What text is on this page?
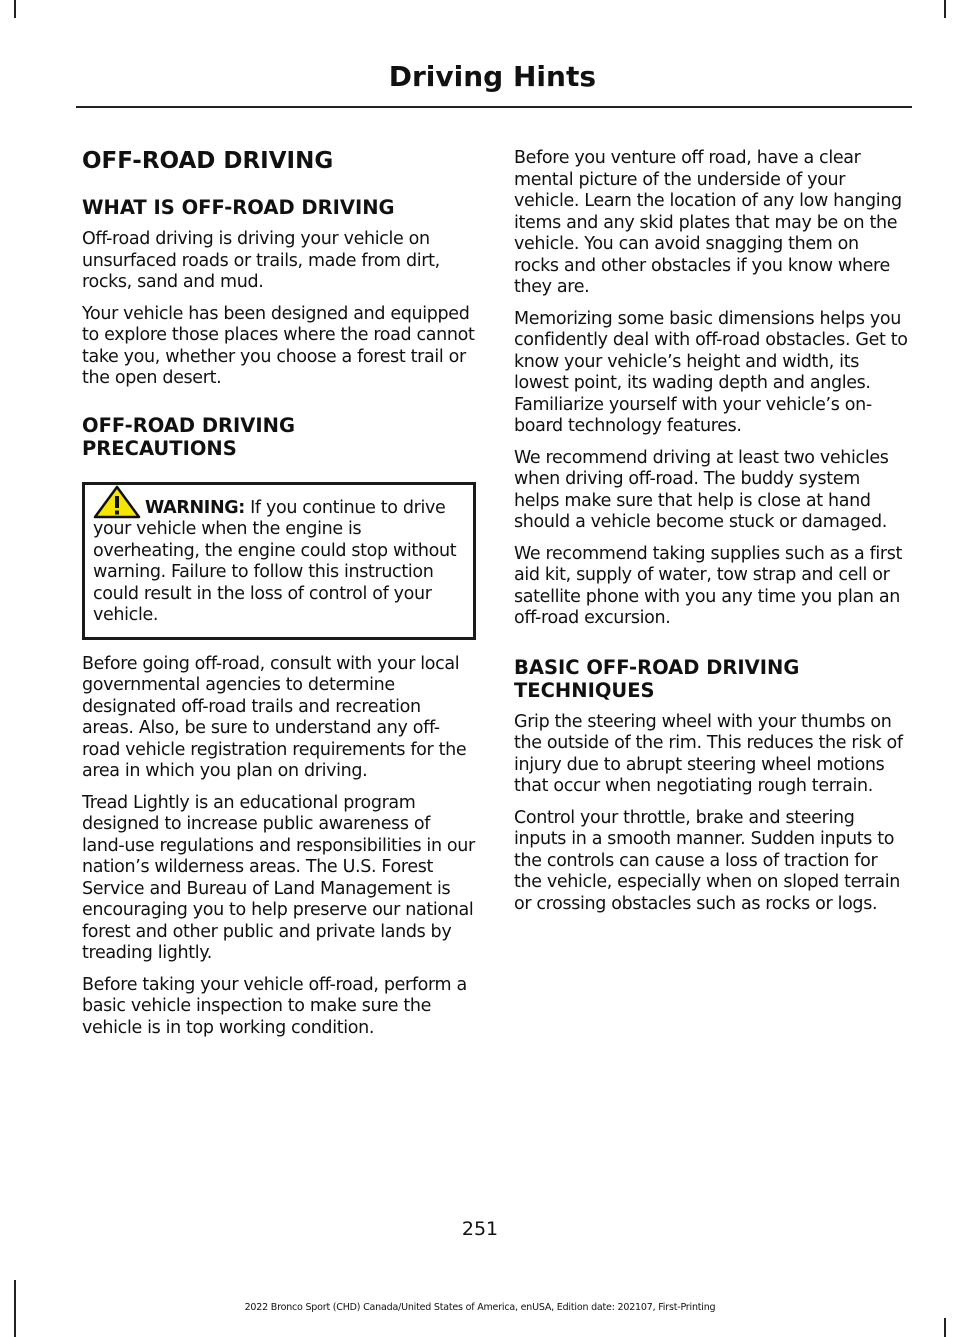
Driving Hints
OFF-ROAD DRIVING
WHAT IS OFF-ROAD DRIVING

Off-road driving is driving your vehicle on unsurfaced roads or trails, made from dirt, rocks, sand and mud.

Your vehicle has been designed and equipped to explore those places where the road cannot take you, whether you choose a forest trail or the open desert.

OFF-ROAD DRIVING PRECAUTIONS
WARNING: If you continue to drive your vehicle when the engine is overheating, the engine could stop without warning. Failure to follow this instruction could result in the loss of control of your vehicle.

Before going off-road, consult with your local governmental agencies to determine designated off-road trails and recreation areas. Also, be sure to understand any off-road vehicle registration requirements for the area in which you plan on driving.

Tread Lightly is an educational program designed to increase public awareness of land-use regulations and responsibilities in our nation’s wilderness areas. The U.S. Forest Service and Bureau of Land Management is encouraging you to help preserve our national forest and other public and private lands by treading lightly.

Before taking your vehicle off-road, perform a basic vehicle inspection to make sure the vehicle is in top working condition.

Before you venture off road, have a clear mental picture of the underside of your vehicle. Learn the location of any low hanging items and any skid plates that may be on the vehicle. You can avoid snagging them on rocks and other obstacles if you know where they are.

Memorizing some basic dimensions helps you confidently deal with off-road obstacles. Get to know your vehicle’s height and width, its lowest point, its wading depth and angles. Familiarize yourself with your vehicle’s on-board technology features.

We recommend driving at least two vehicles when driving off-road. The buddy system helps make sure that help is close at hand should a vehicle become stuck or damaged.

We recommend taking supplies such as a first aid kit, supply of water, tow strap and cell or satellite phone with you any time you plan an off-road excursion.

BASIC OFF-ROAD DRIVING TECHNIQUES

Grip the steering wheel with your thumbs on the outside of the rim. This reduces the risk of injury due to abrupt steering wheel motions that occur when negotiating rough terrain.

Control your throttle, brake and steering inputs in a smooth manner. Sudden inputs to the controls can cause a loss of traction for the vehicle, especially when on sloped terrain or crossing obstacles such as rocks or logs.

251
2022 Bronco Sport (CHD) Canada/United States of America, enUSA, Edition date: 202107, First-Printing
